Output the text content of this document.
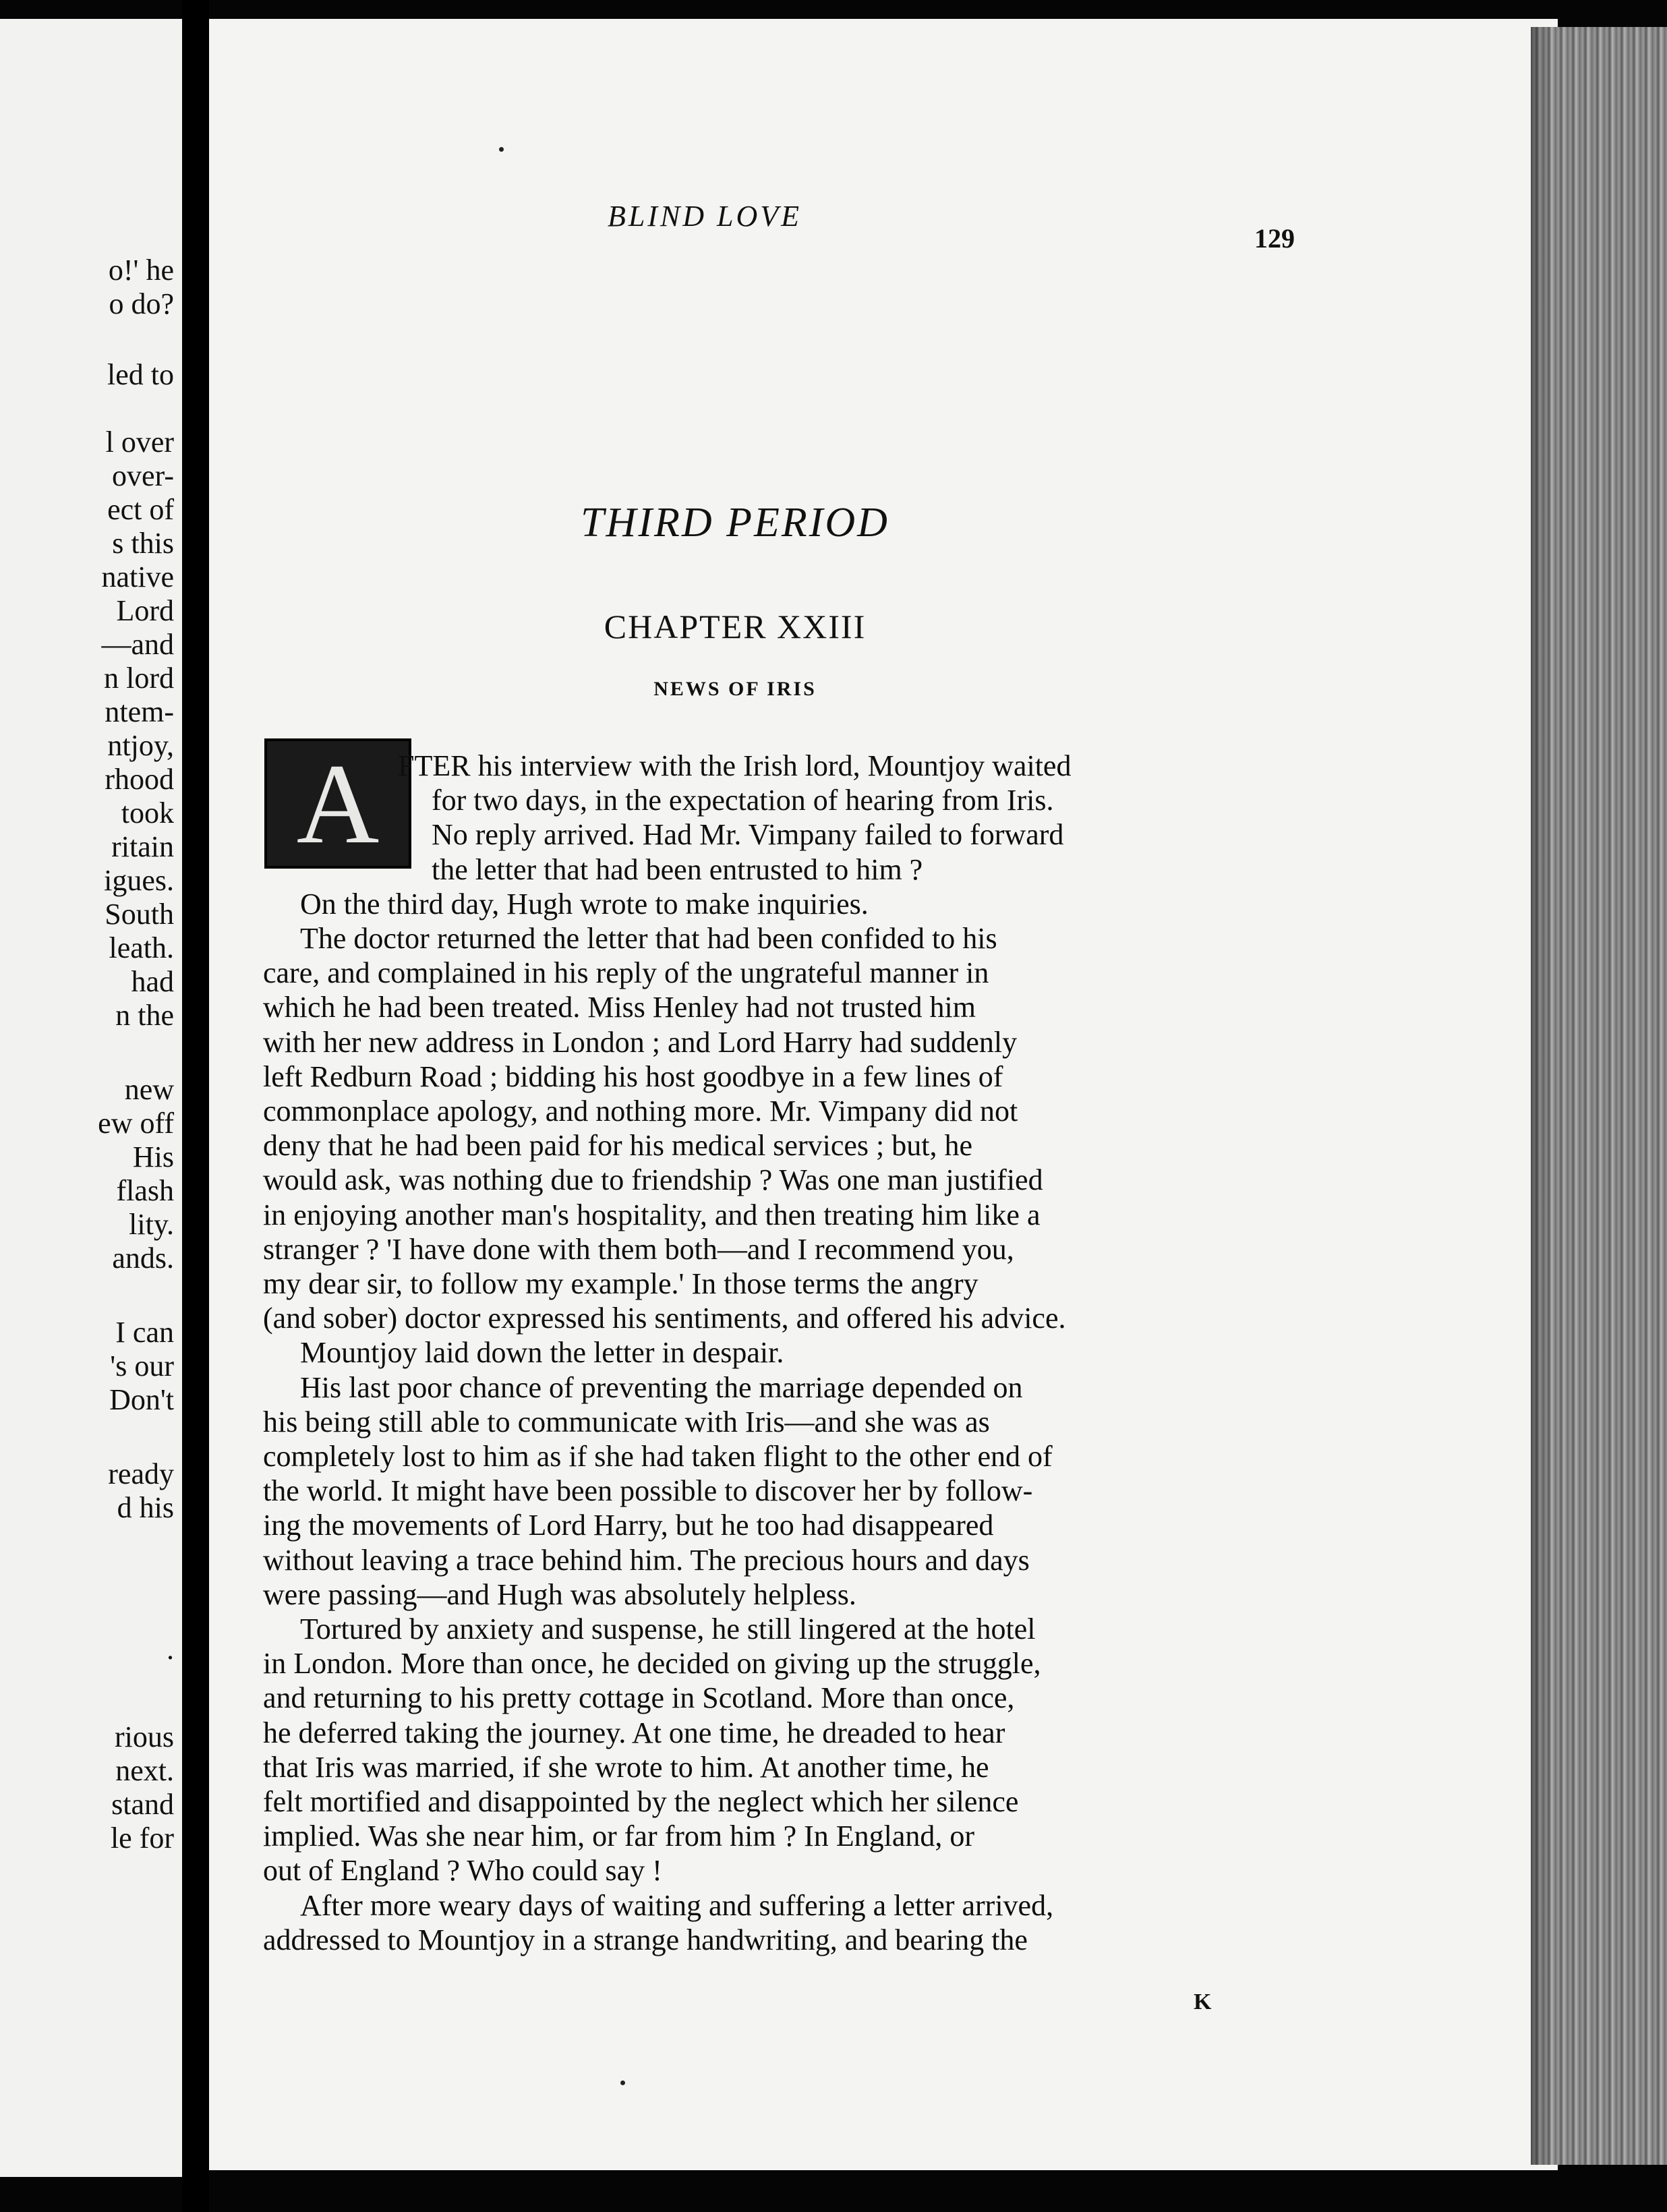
o!' he
o do?
led to
l over
over-
ect of
s this
native
Lord
—and
n lord
ntem-
ntjoy,
rhood
took
ritain
igues.
South
leath.
had
n the
new
ew off
His
flash
lity.
ands.
I can
's our
Don't
ready
d his
.
rious
next.
stand
le for
BLIND LOVE
129
THIRD PERIOD
CHAPTER XXIII
NEWS OF IRIS
A FTER his interview with the Irish lord, Mountjoy waited
for two days, in the expectation of hearing from Iris.
No reply arrived. Had Mr. Vimpany failed to forward
the letter that had been entrusted to him ?
On the third day, Hugh wrote to make inquiries.
The doctor returned the letter that had been confided to his
care, and complained in his reply of the ungrateful manner in
which he had been treated. Miss Henley had not trusted him
with her new address in London ; and Lord Harry had suddenly
left Redburn Road ; bidding his host goodbye in a few lines of
commonplace apology, and nothing more. Mr. Vimpany did not
deny that he had been paid for his medical services ; but, he
would ask, was nothing due to friendship ? Was one man justified
in enjoying another man's hospitality, and then treating him like a
stranger ? 'I have done with them both—and I recommend you,
my dear sir, to follow my example.' In those terms the angry
(and sober) doctor expressed his sentiments, and offered his advice.
Mountjoy laid down the letter in despair.
His last poor chance of preventing the marriage depended on
his being still able to communicate with Iris—and she was as
completely lost to him as if she had taken flight to the other end of
the world. It might have been possible to discover her by follow-
ing the movements of Lord Harry, but he too had disappeared
without leaving a trace behind him. The precious hours and days
were passing—and Hugh was absolutely helpless.
Tortured by anxiety and suspense, he still lingered at the hotel
in London. More than once, he decided on giving up the struggle,
and returning to his pretty cottage in Scotland. More than once,
he deferred taking the journey. At one time, he dreaded to hear
that Iris was married, if she wrote to him. At another time, he
felt mortified and disappointed by the neglect which her silence
implied. Was she near him, or far from him ? In England, or
out of England ? Who could say !
After more weary days of waiting and suffering a letter arrived,
addressed to Mountjoy in a strange handwriting, and bearing the
K
